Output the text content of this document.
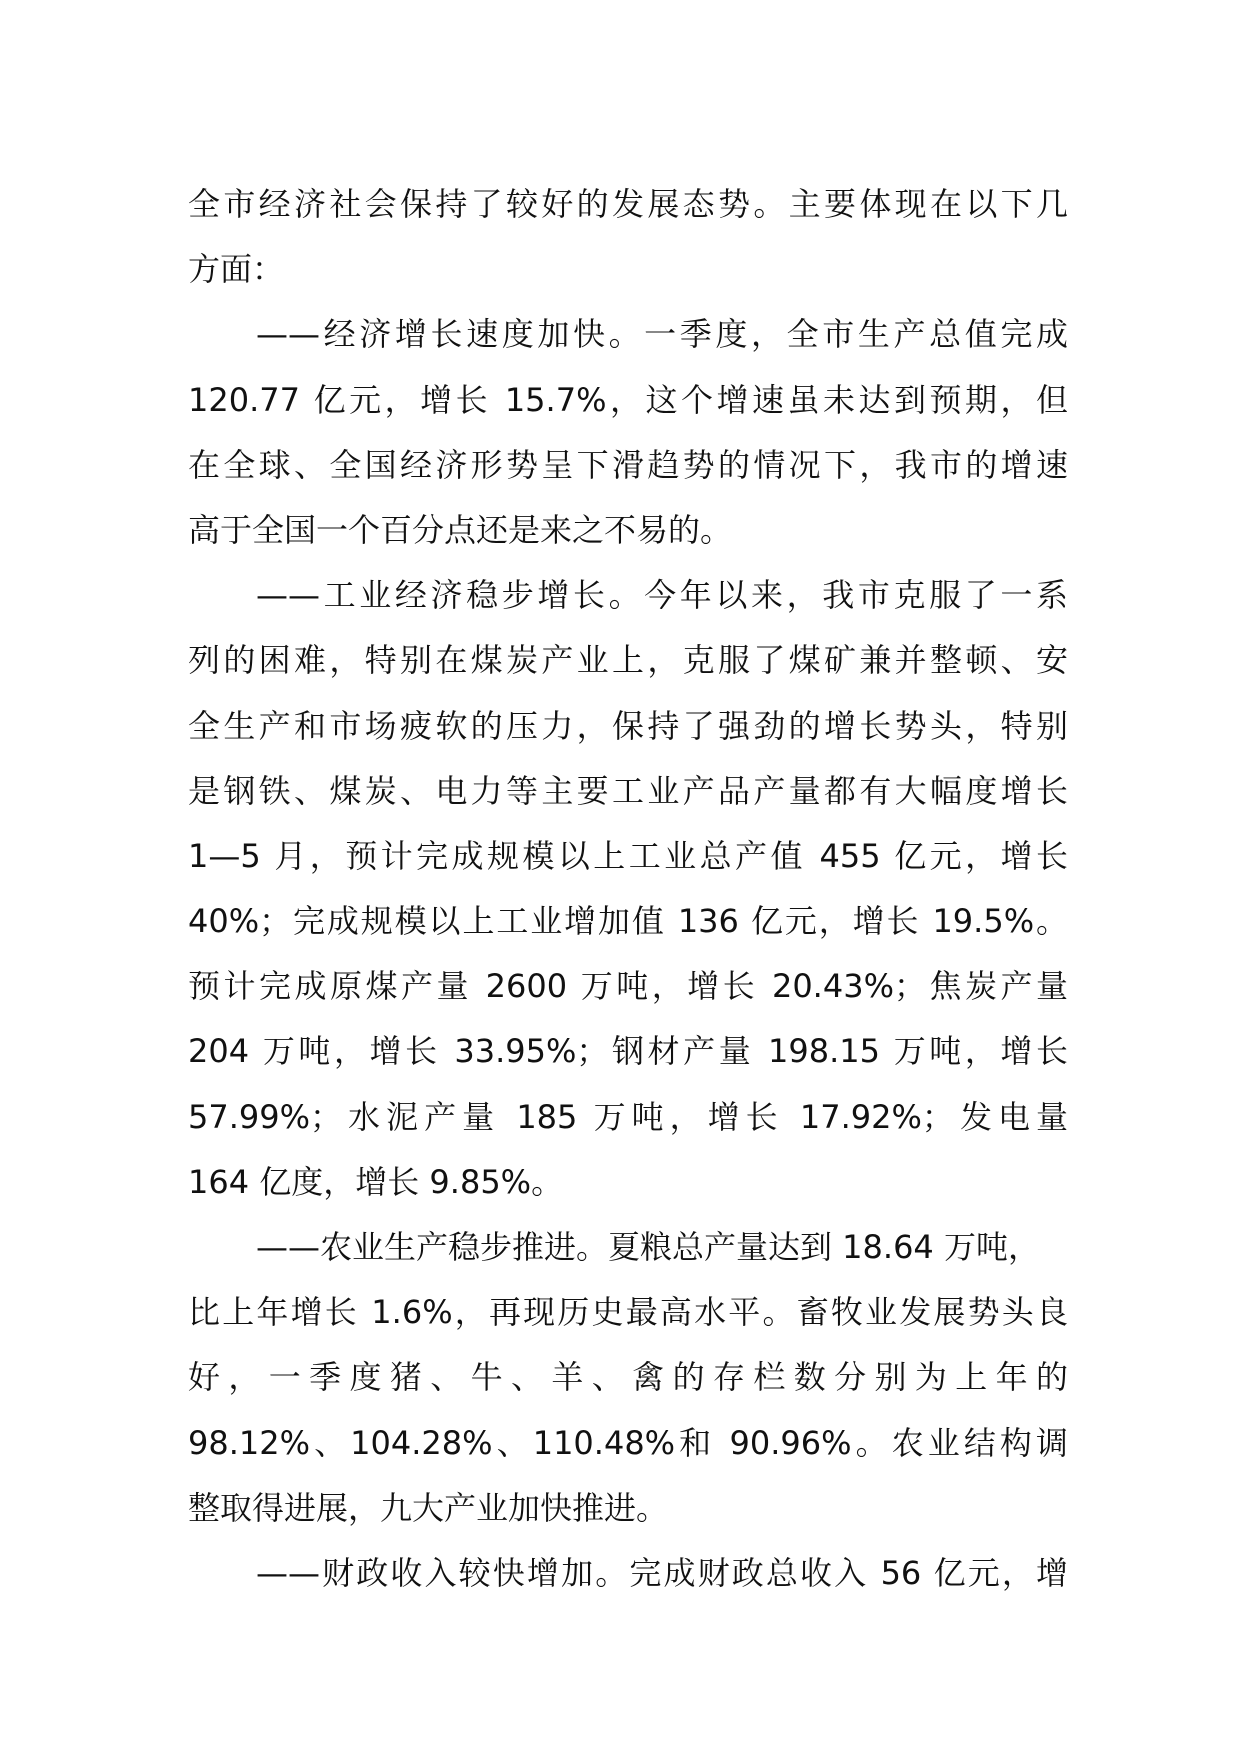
全市经济社会保持了较好的发展态势。主要体现在以下几
方面：
——经济增长速度加快。一季度，全市生产总值完成
120.77 亿元，增长 15.7%，这个增速虽未达到预期，但
在全球、全国经济形势呈下滑趋势的情况下，我市的增速
高于全国一个百分点还是来之不易的。
——工业经济稳步增长。今年以来，我市克服了一系
列的困难，特别在煤炭产业上，克服了煤矿兼并整顿、安
全生产和市场疲软的压力，保持了强劲的增长势头，特别
是钢铁、煤炭、电力等主要工业产品产量都有大幅度增长
1—5 月，预计完成规模以上工业总产值 455 亿元，增长
40%；完成规模以上工业增加值 136 亿元，增长 19.5%。
预计完成原煤产量 2600 万吨，增长 20.43%；焦炭产量
204 万吨，增长 33.95%；钢材产量 198.15 万吨，增长
57.99%；水泥产量 185 万吨，增长 17.92%；发电量
164 亿度，增长 9.85%。
——农业生产稳步推进。夏粮总产量达到 18.64 万吨，
比上年增长 1.6%，再现历史最高水平。畜牧业发展势头良
好，一季度猪、牛、羊、禽的存栏数分别为上年的
98.12%、104.28%、110.48%和 90.96%。农业结构调
整取得进展，九大产业加快推进。
——财政收入较快增加。完成财政总收入 56 亿元，增
